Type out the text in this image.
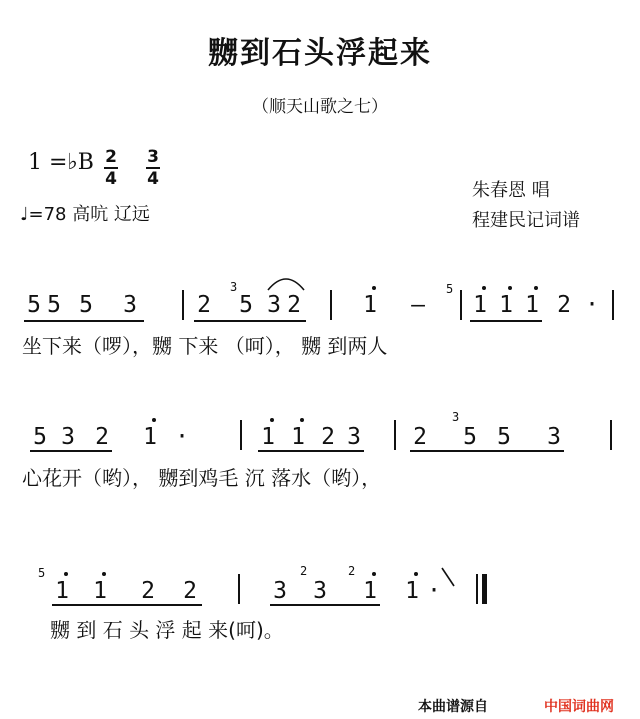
嬲到石头浮起来
（顺天山歌之七）
1 =♭B 2
4
3
4
♩=78 高吭 辽远
朱春恩 唱
程建民记词谱
5 5 5 3	2
3
5 3 2	1 –
5
1 1 1 2 ·
坐下来（啰），嬲 下来 （呵）， 嬲 到两人
5 3 2 1 ·	1 1 2 3 2
3
5 5 3
心花开（哟）， 嬲到鸡毛 沉 落水（哟），
5
1 1 2 2	3
2
3
2
1 1 ·
嬲 到 石 头 浮 起 来(呵)。
本曲谱源自	中国词曲网
